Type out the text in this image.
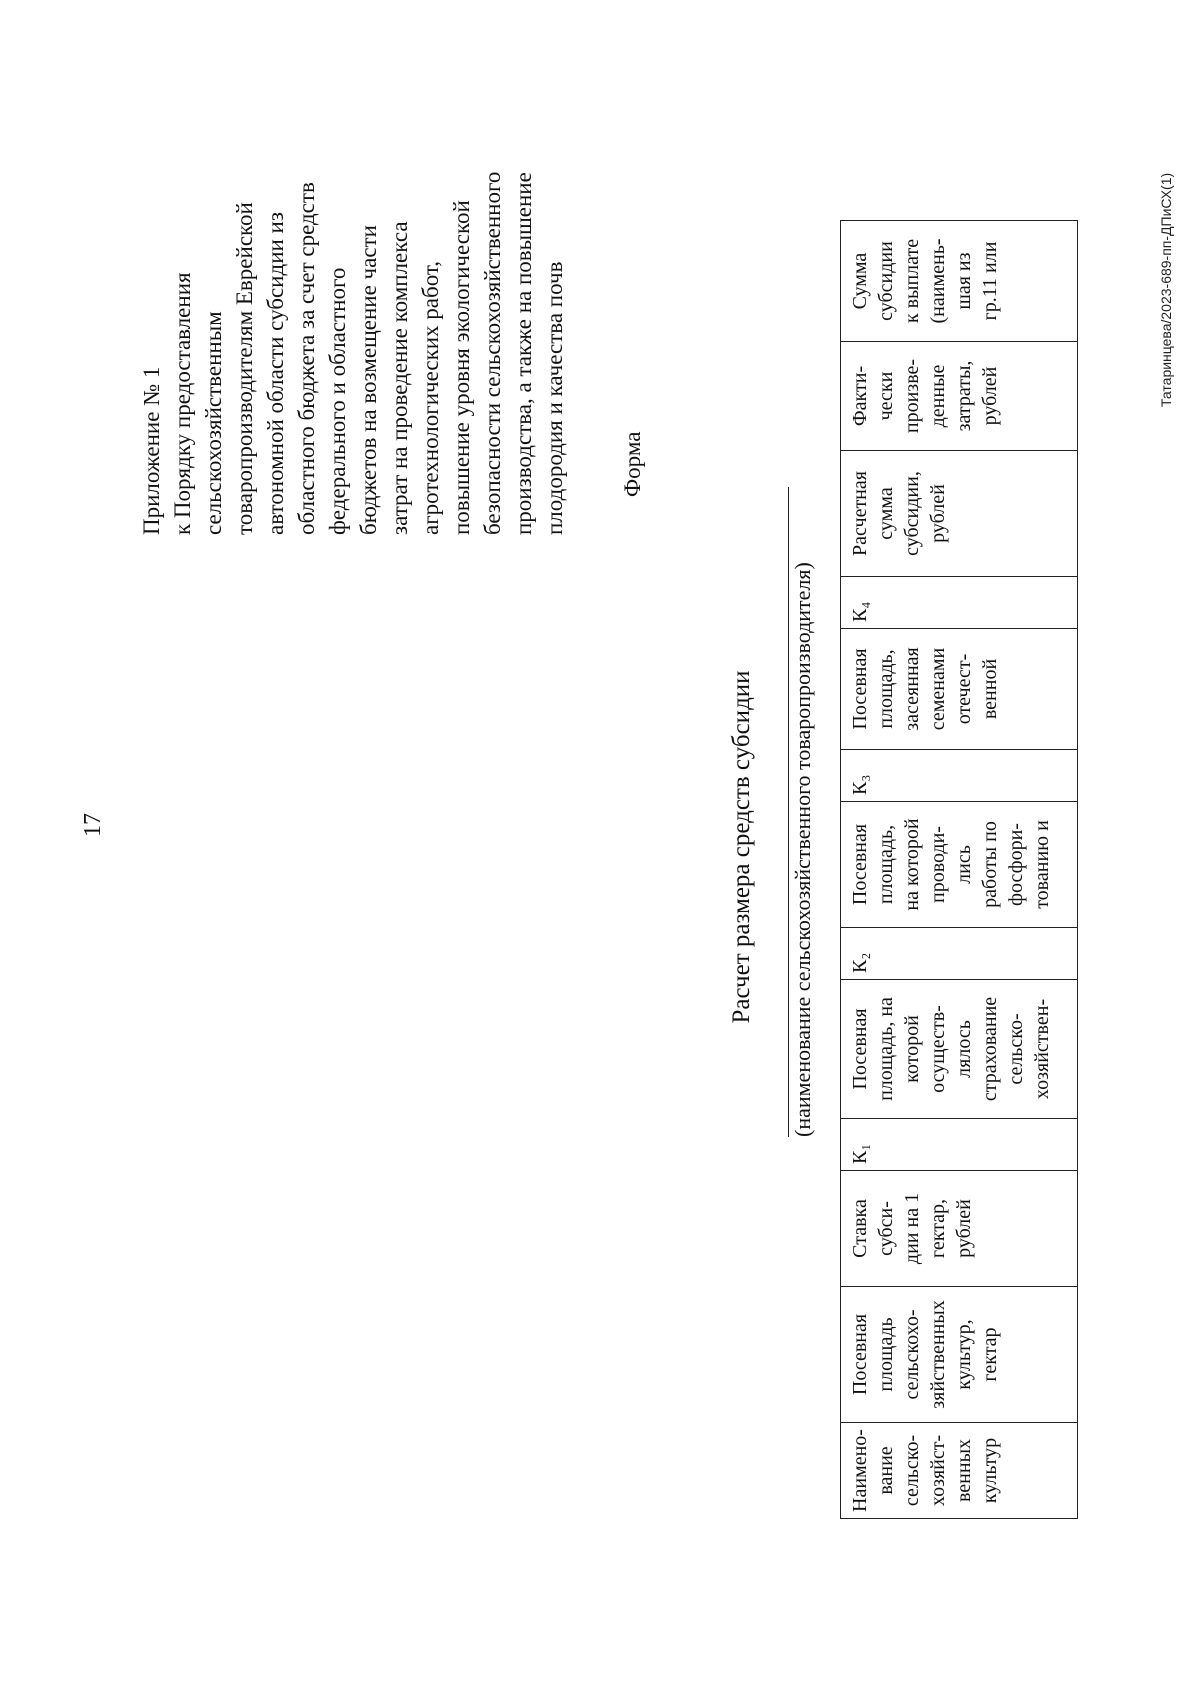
17
Приложение № 1 к Порядку предоставления сельскохозяйственным товаропроизводителям Еврейской автономной области субсидии из областного бюджета за счет средств федерального и областного бюджетов на возмещение части затрат на проведение комплекса агротехнологических работ, повышение уровня экологической безопасности сельскохозяйственного производства, а также на повышение плодородия и качества почв Форма
Расчет размера средств субсидии (наименование сельскохозяйственного товаропроизводителя)
Наимено- вание сельско- хозяйст- венных культур	Посевная площадь сельскохо- зяйственных культур, гектар	Ставка субси- дии на 1 гектар, рублей	К₁	Посевная площадь, на которой осуществ- лялось страхование сельско- хозяйствен-	К₂	Посевная площадь, на которой проводи- лись работы по фосфори- тованию и	К₃	Посевная площадь, засеянная семенами отечест- венной	К₄	Расчетная сумма субсидии, рублей	Факти- чески произве- денные затраты, рублей	Сумма субсидии к выплате (наимень- шая из гр.11 или	Татаринцева/2023-689-пп-ДПиСХ(1)
